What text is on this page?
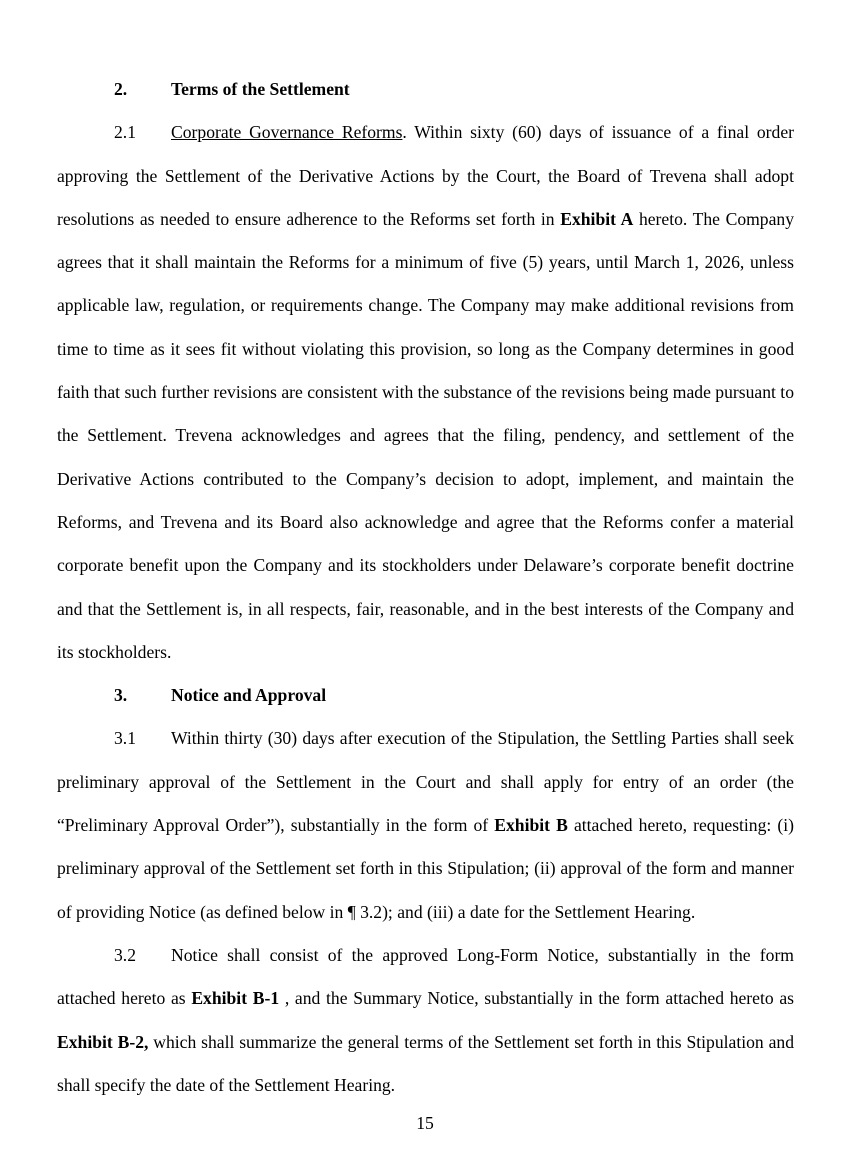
2. Terms of the Settlement

2.1 Corporate Governance Reforms. Within sixty (60) days of issuance of a final order approving the Settlement of the Derivative Actions by the Court, the Board of Trevena shall adopt resolutions as needed to ensure adherence to the Reforms set forth in Exhibit A hereto. The Company agrees that it shall maintain the Reforms for a minimum of five (5) years, until March 1, 2026, unless applicable law, regulation, or requirements change. The Company may make additional revisions from time to time as it sees fit without violating this provision, so long as the Company determines in good faith that such further revisions are consistent with the substance of the revisions being made pursuant to the Settlement. Trevena acknowledges and agrees that the filing, pendency, and settlement of the Derivative Actions contributed to the Company’s decision to adopt, implement, and maintain the Reforms, and Trevena and its Board also acknowledge and agree that the Reforms confer a material corporate benefit upon the Company and its stockholders under Delaware’s corporate benefit doctrine and that the Settlement is, in all respects, fair, reasonable, and in the best interests of the Company and its stockholders.

3. Notice and Approval

3.1 Within thirty (30) days after execution of the Stipulation, the Settling Parties shall seek preliminary approval of the Settlement in the Court and shall apply for entry of an order (the “Preliminary Approval Order”), substantially in the form of Exhibit B attached hereto, requesting: (i) preliminary approval of the Settlement set forth in this Stipulation; (ii) approval of the form and manner of providing Notice (as defined below in ¶ 3.2); and (iii) a date for the Settlement Hearing.

3.2 Notice shall consist of the approved Long-Form Notice, substantially in the form attached hereto as Exhibit B-1 , and the Summary Notice, substantially in the form attached hereto as Exhibit B-2, which shall summarize the general terms of the Settlement set forth in this Stipulation and shall specify the date of the Settlement Hearing.

15
